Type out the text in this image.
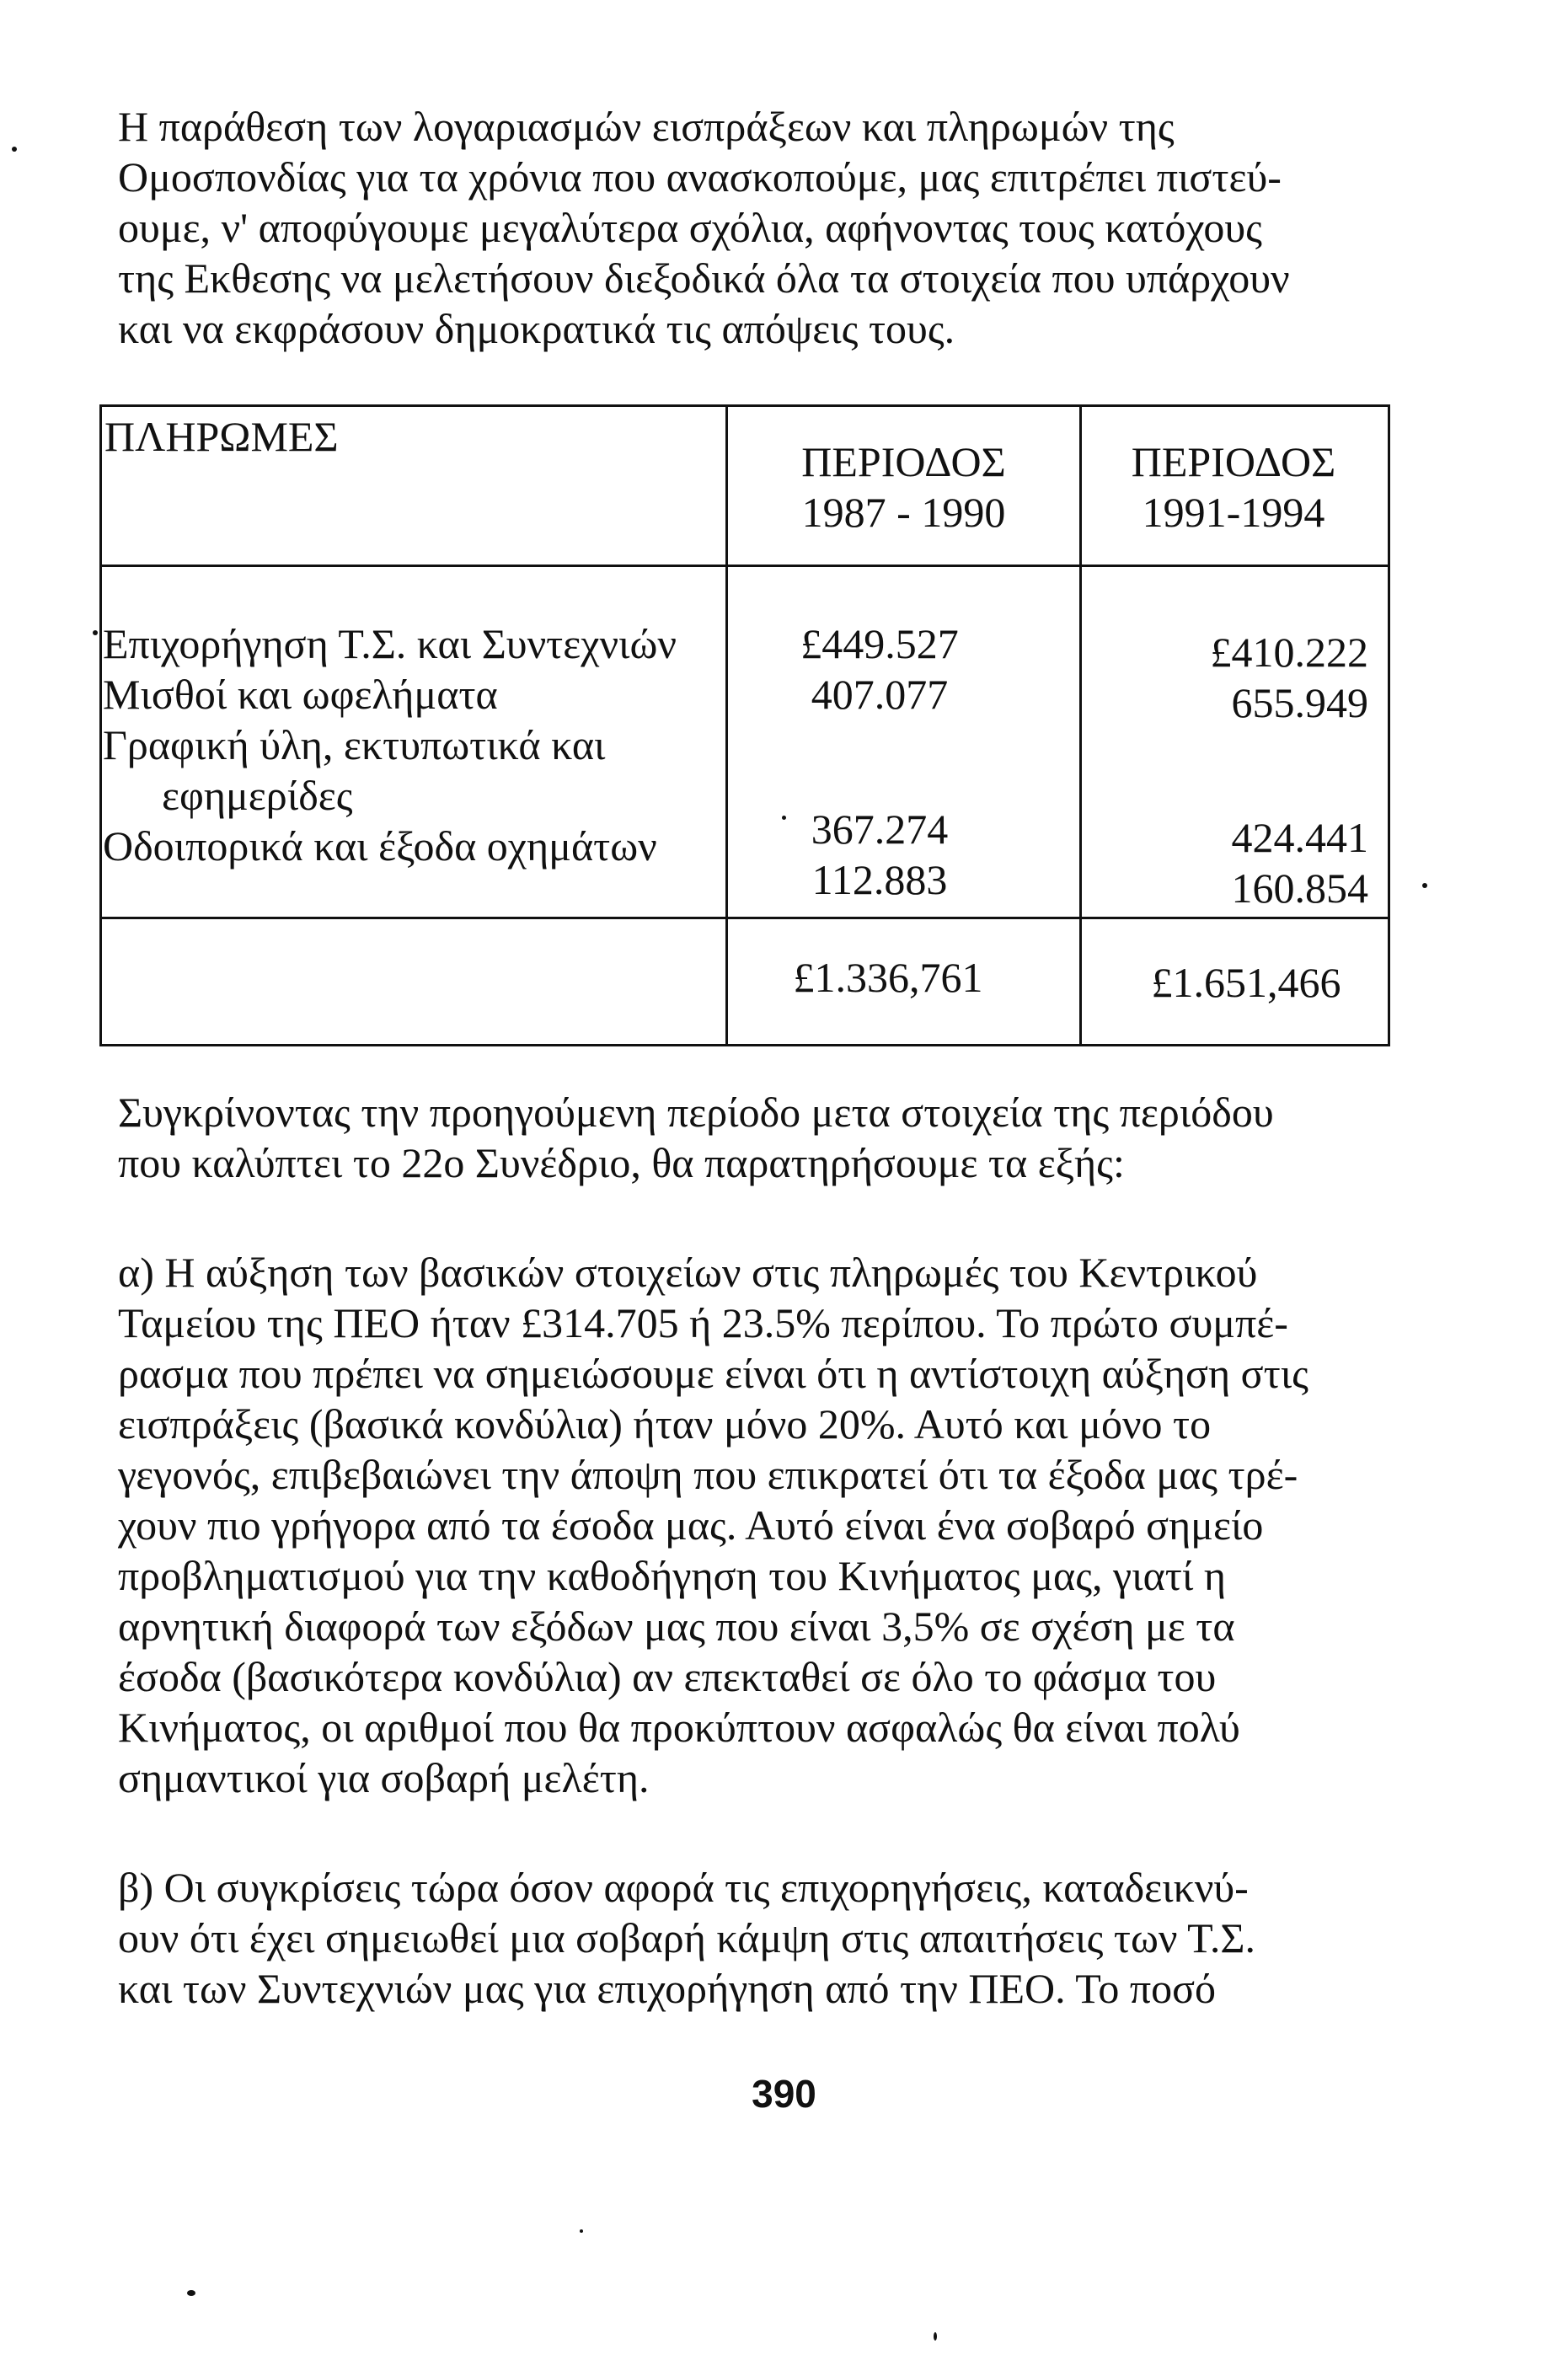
Η παράθεση των λογαριασμών εισπράξεων και πληρωμών της
Ομοσπονδίας για τα χρόνια που ανασκοπούμε, μας επιτρέπει πιστεύ-
ουμε, ν' αποφύγουμε μεγαλύτερα σχόλια, αφήνοντας τους κατόχους
της Εκθεσης να μελετήσουν διεξοδικά όλα τα στοιχεία που υπάρχουν
και να εκφράσουν δημοκρατικά τις απόψεις τους.
ΠΛΗΡΩΜΕΣ
ΠΕΡΙΟΔΟΣ
1987 - 1990
ΠΕΡΙΟΔΟΣ
1991-1994
Επιχορήγηση Τ.Σ. και Συντεχνιών
Μισθοί και ωφελήματα
Γραφική ύλη, εκτυπωτικά και
εφημερίδες
Οδοιπορικά και έξοδα οχημάτων
£449.527
407.077
367.274
112.883
£410.222
655.949
424.441
160.854
£1.336,761	£1.651,466
Συγκρίνοντας την προηγούμενη περίοδο μετα στοιχεία της περιόδου
που καλύπτει το 22ο Συνέδριο, θα παρατηρήσουμε τα εξής:
α) Η αύξηση των βασικών στοιχείων στις πληρωμές του Κεντρικού
Ταμείου της ΠΕΟ ήταν £314.705 ή 23.5% περίπου. Το πρώτο συμπέ-
ρασμα που πρέπει να σημειώσουμε είναι ότι η αντίστοιχη αύξηση στις
εισπράξεις (βασικά κονδύλια) ήταν μόνο 20%. Αυτό και μόνο το
γεγονός, επιβεβαιώνει την άποψη που επικρατεί ότι τα έξοδα μας τρέ-
χουν πιο γρήγορα από τα έσοδα μας. Αυτό είναι ένα σοβαρό σημείο
προβληματισμού για την καθοδήγηση του Κινήματος μας, γιατί η
αρνητική διαφορά των εξόδων μας που είναι 3,5% σε σχέση με τα
έσοδα (βασικότερα κονδύλια) αν επεκταθεί σε όλο το φάσμα του
Κινήματος, οι αριθμοί που θα προκύπτουν ασφαλώς θα είναι πολύ
σημαντικοί για σοβαρή μελέτη.
β) Οι συγκρίσεις τώρα όσον αφορά τις επιχορηγήσεις, καταδεικνύ-
ουν ότι έχει σημειωθεί μια σοβαρή κάμψη στις απαιτήσεις των Τ.Σ.
και των Συντεχνιών μας για επιχορήγηση από την ΠΕΟ. Το ποσό
390
